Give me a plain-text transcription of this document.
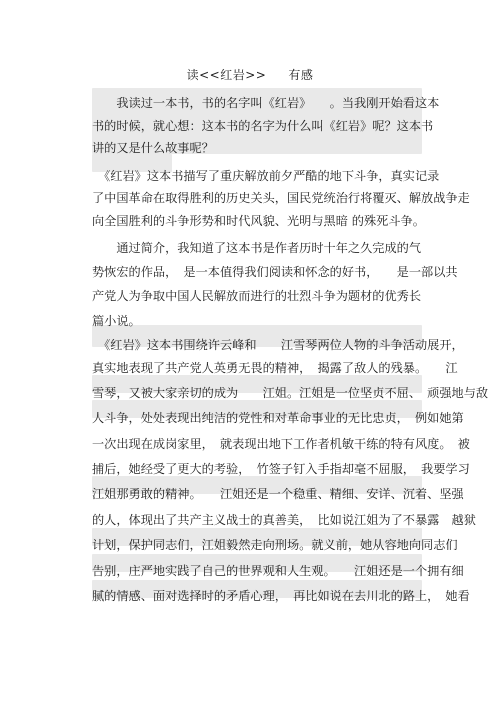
读<<红岩>> 有感
　　我读过一本书，书的名字叫《红岩》　　。当我刚开始看这本
书的时候，就心想：这本书的名字为什么叫《红岩》呢？这本书
讲的又是什么故事呢？
　《红岩》这本书描写了重庆解放前夕严酷的地下斗争，真实记录
了中国革命在取得胜利的历史关头，国民党统治行将覆灭、解放战争走
向全国胜利的斗争形势和时代风貌、光明与黑暗 的殊死斗争。
　　通过简介，我知道了这本书是作者历时十年之久完成的气
势恢宏的作品，　是一本值得我们阅读和怀念的好书，　　是一部以共
产党人为争取中国人民解放而进行的壮烈斗争为题材的优秀长
篇小说。
　《红岩》这本书围绕许云峰和　　江雪琴两位人物的斗争活动展开，
真实地表现了共产党人英勇无畏的精神，　揭露了敌人的残暴。　　江
雪琴，又被大家亲切的成为　　江姐。江姐是一位坚贞不屈、　顽强地与敌
人斗争，处处表现出纯洁的党性和对革命事业的无比忠贞，　例如她第
一次出现在成岗家里，　就表现出地下工作者机敏干练的特有风度。　被
捕后，她经受了更大的考验，　竹签子钉入手指却毫不屈服，　我要学习
江姐那勇敢的精神。　　江姐还是一个稳重、精细、安详、沉着、坚强
的人，体现出了共产主义战士的真善美，　比如说江姐为了不暴露　越狱
计划，保护同志们，江姐毅然走向刑场。就义前，她从容地向同志们
告别，庄严地实践了自己的世界观和人生观。　　江姐还是一个拥有细
腻的情感、面对选择时的矛盾心理，　再比如说在去川北的路上，　她看
